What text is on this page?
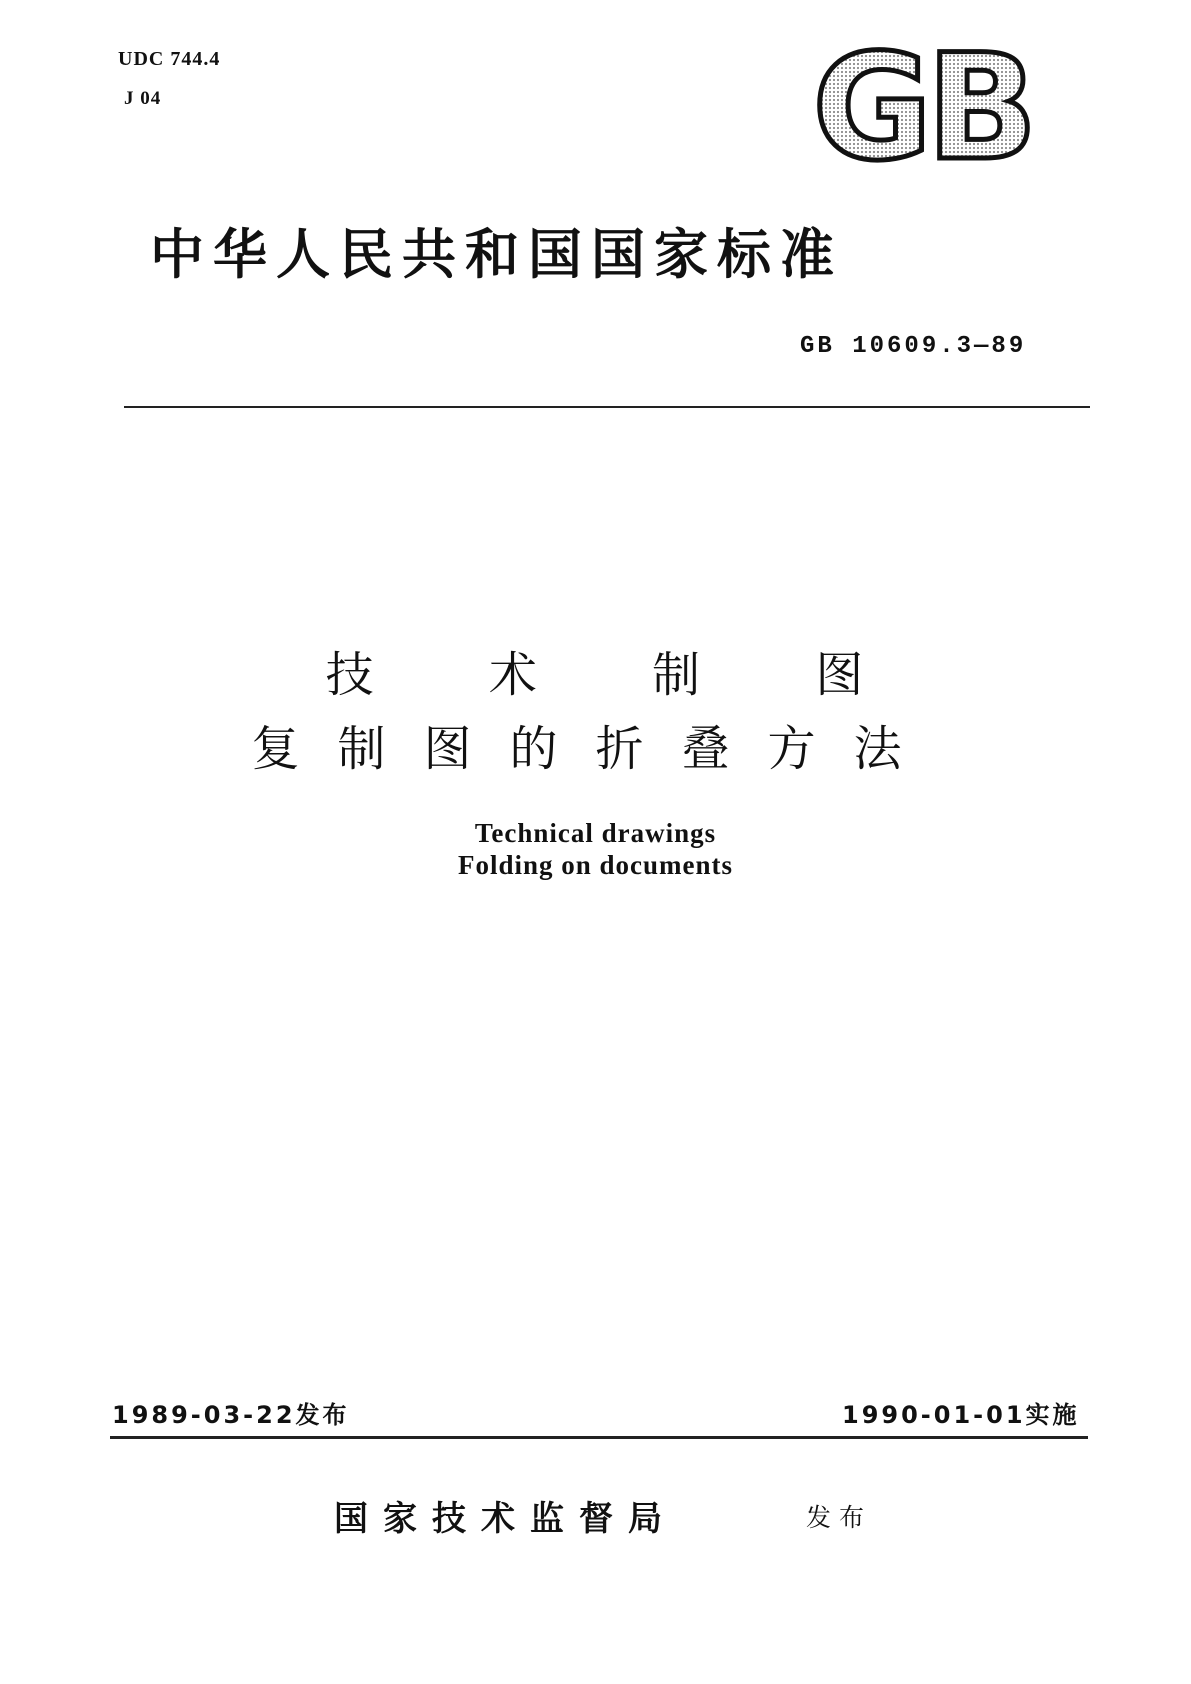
UDC 744.4
J 04	GB
中华人民共和国国家标准
GB 10609.3—89
技 术 制 图
复制图的折叠方法
Technical drawings
Folding on documents
1989-03-22发布	1990-01-01实施
国家技术监督局	发布
